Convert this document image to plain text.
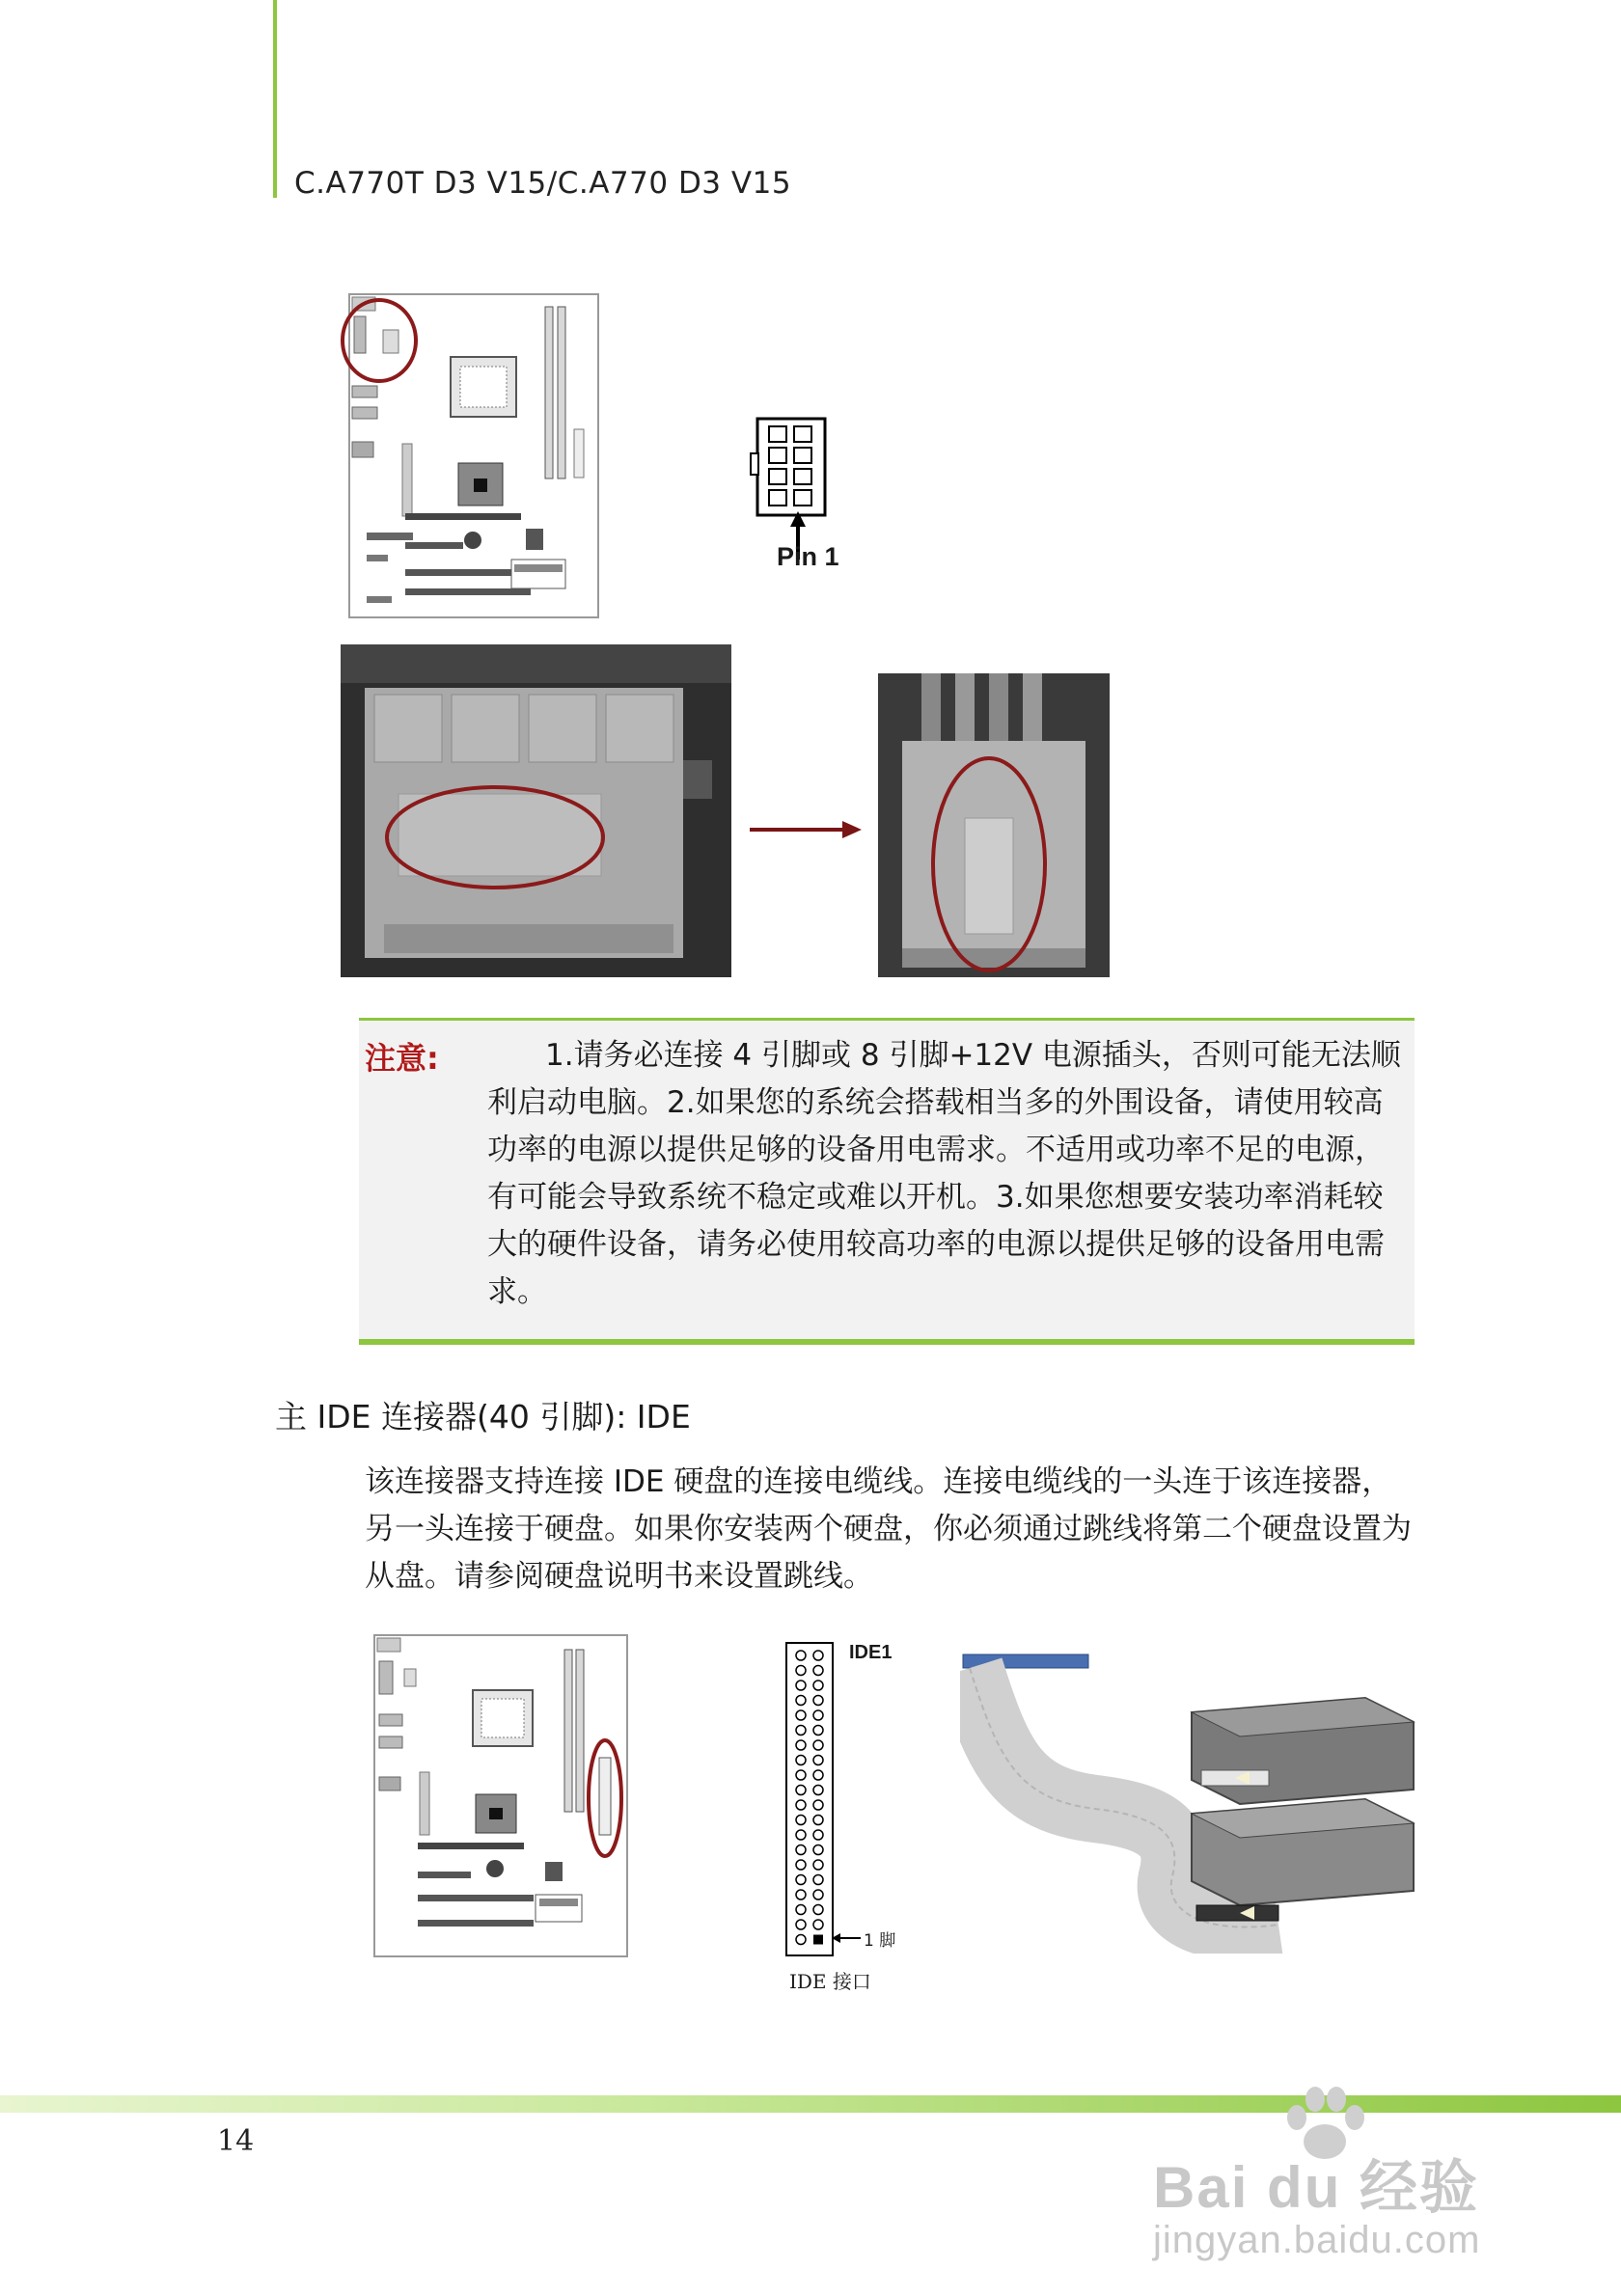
C.A770T D3 V15/C.A770 D3 V15
Pin 1
注意:	1.请务必连接 4 引脚或 8 引脚+12V 电源插头，否则可能无法顺利启动电脑。2.如果您的系统会搭载相当多的外围设备，请使用较高功率的电源以提供足够的设备用电需求。不适用或功率不足的电源，有可能会导致系统不稳定或难以开机。3.如果您想要安装功率消耗较大的硬件设备，请务必使用较高功率的电源以提供足够的设备用电需求。
主 IDE 连接器(40 引脚): IDE
该连接器支持连接 IDE 硬盘的连接电缆线。连接电缆线的一头连于该连接器，另一头连接于硬盘。如果你安装两个硬盘，你必须通过跳线将第二个硬盘设置为从盘。请参阅硬盘说明书来设置跳线。
IDE1
1 脚
IDE 接口
14
Bai du 经验
jingyan.baidu.com
